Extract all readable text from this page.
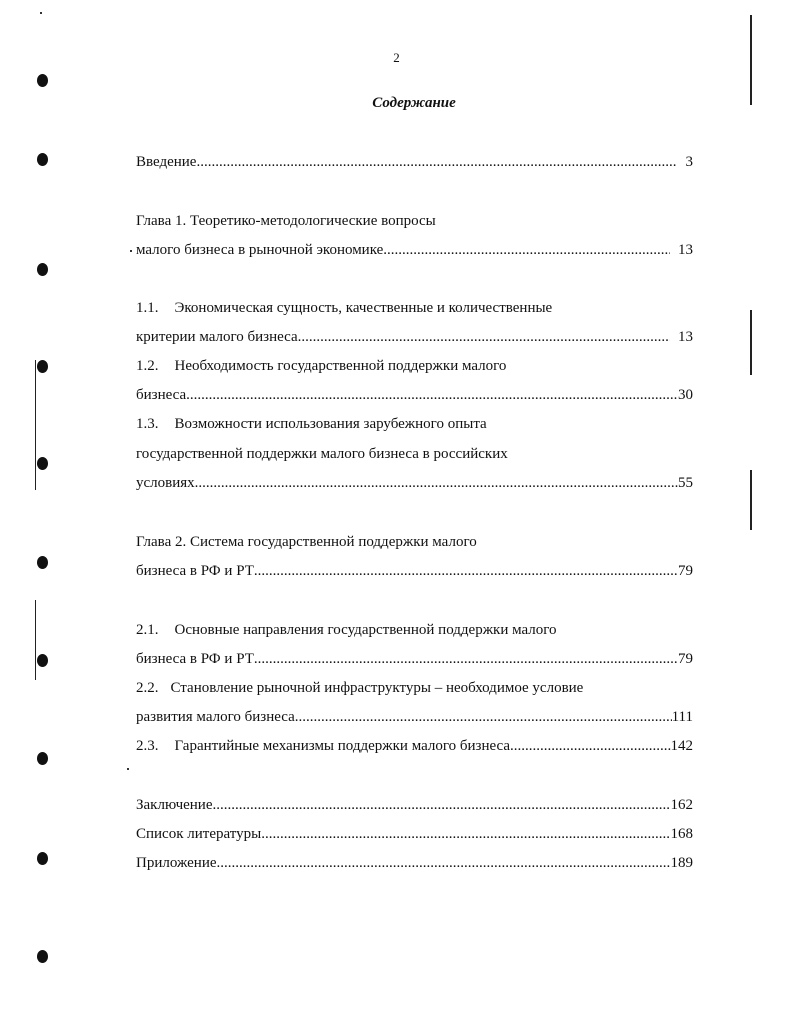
2
Содержание
Введение .....	3
Глава 1. Теоретико-методологические вопросы
малого бизнеса в рыночной экономике .....	13
1.1. Экономическая сущность, качественные и количественные
критерии малого бизнеса .....	13
1.2. Необходимость государственной поддержки малого
бизнеса .....	30
1.3. Возможности использования зарубежного опыта
государственной поддержки малого бизнеса в российских
условиях .....	55
Глава 2. Система государственной поддержки малого
бизнеса в РФ и РТ .....	79
2.1. Основные направления государственной поддержки малого
бизнеса в РФ и РТ .....	79
2.2. Становление рыночной инфраструктуры – необходимое условие
развития малого бизнеса .....	111
2.3. Гарантийные механизмы поддержки малого бизнеса .....	142
Заключение .....	162
Список литературы .....	168
Приложение .....	189
